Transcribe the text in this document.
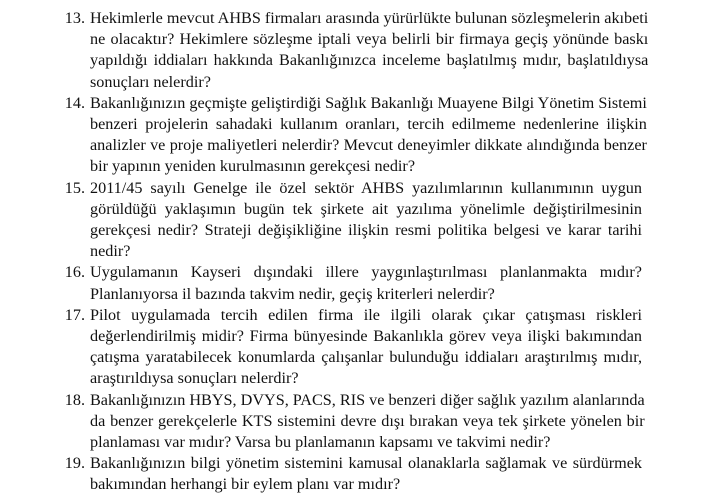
13. Hekimlerle mevcut AHBS firmaları arasında yürürlükte bulunan sözleşmelerin akıbeti
ne olacaktır? Hekimlere sözleşme iptali veya belirli bir firmaya geçiş yönünde baskı
yapıldığı iddiaları hakkında Bakanlığınızca inceleme başlatılmış mıdır, başlatıldıysa
sonuçları nelerdir?
14. Bakanlığınızın geçmişte geliştirdiği Sağlık Bakanlığı Muayene Bilgi Yönetim Sistemi
benzeri projelerin sahadaki kullanım oranları, tercih edilmeme nedenlerine ilişkin
analizler ve proje maliyetleri nelerdir? Mevcut deneyimler dikkate alındığında benzer
bir yapının yeniden kurulmasının gerekçesi nedir?
15. 2011/45 sayılı Genelge ile özel sektör AHBS yazılımlarının kullanımının uygun
görüldüğü yaklaşımın bugün tek şirkete ait yazılıma yönelimle değiştirilmesinin
gerekçesi nedir? Strateji değişikliğine ilişkin resmi politika belgesi ve karar tarihi
nedir?
16. Uygulamanın Kayseri dışındaki illere yaygınlaştırılması planlanmakta mıdır?
Planlanıyorsa il bazında takvim nedir, geçiş kriterleri nelerdir?
17. Pilot uygulamada tercih edilen firma ile ilgili olarak çıkar çatışması riskleri
değerlendirilmiş midir? Firma bünyesinde Bakanlıkla görev veya ilişki bakımından
çatışma yaratabilecek konumlarda çalışanlar bulunduğu iddiaları araştırılmış mıdır,
araştırıldıysa sonuçları nelerdir?
18. Bakanlığınızın HBYS, DVYS, PACS, RIS ve benzeri diğer sağlık yazılım alanlarında
da benzer gerekçelerle KTS sistemini devre dışı bırakan veya tek şirkete yönelen bir
planlaması var mıdır? Varsa bu planlamanın kapsamı ve takvimi nedir?
19. Bakanlığınızın bilgi yönetim sistemini kamusal olanaklarla sağlamak ve sürdürmek
bakımından herhangi bir eylem planı var mıdır?
